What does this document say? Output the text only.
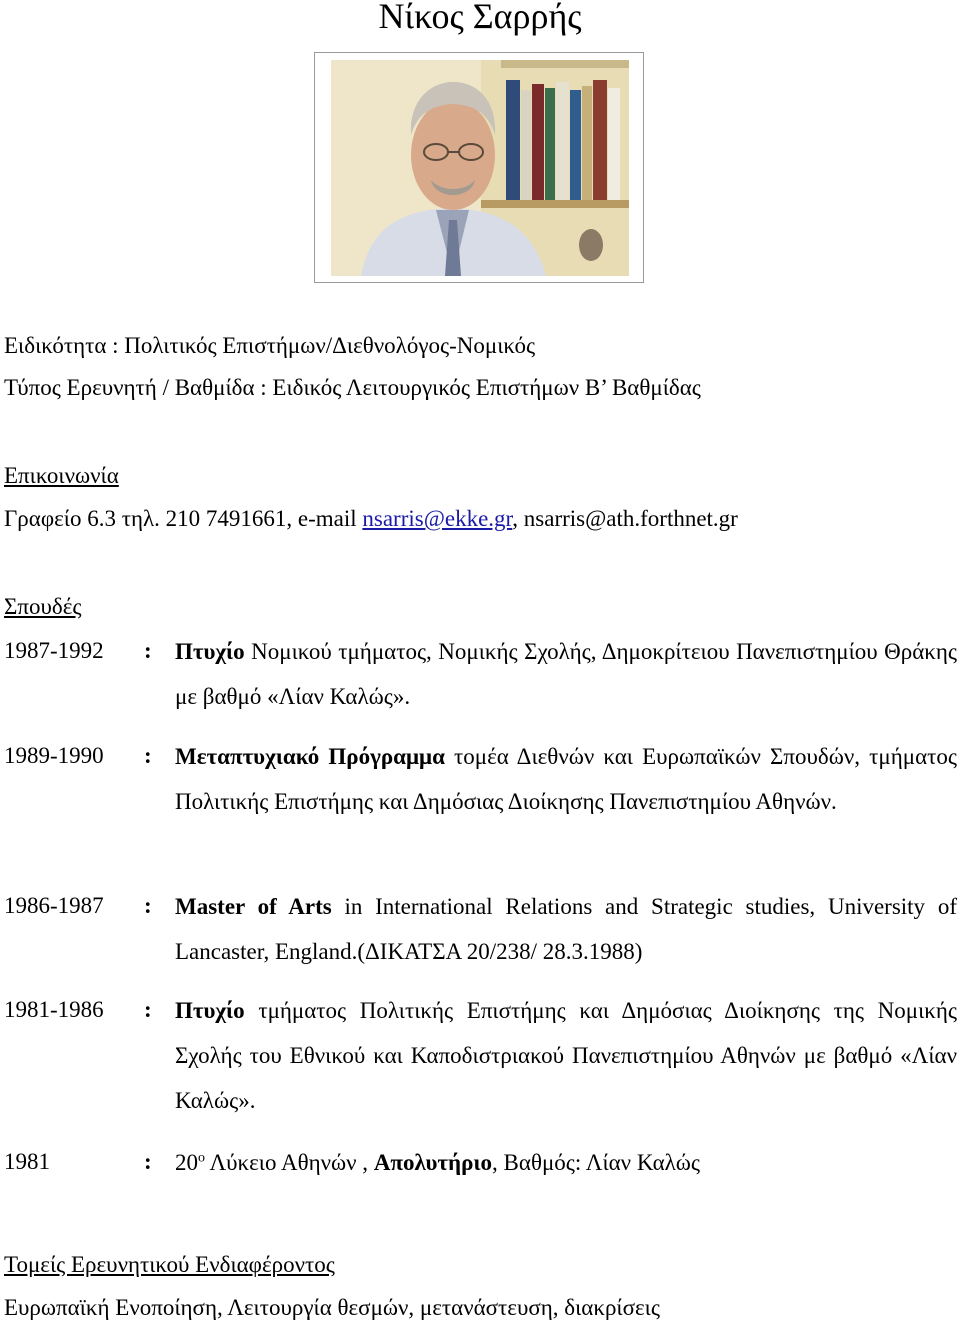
Νίκος Σαρρής
Ειδικότητα : Πολιτικός Επιστήμων/Διεθνολόγος-Νομικός
Τύπος Ερευνητή / Βαθμίδα : Ειδικός Λειτουργικός Επιστήμων Β’ Βαθμίδας
Επικοινωνία
Γραφείο 6.3 τηλ. 210 7491661, e-mail nsarris@ekke.gr, nsarris@ath.forthnet.gr
Σπουδές
1987-1992 : Πτυχίο Νομικού τμήματος, Νομικής Σχολής, Δημοκρίτειου Πανεπιστημίου Θράκης με βαθμό «Λίαν Καλώς».
1989-1990 : Μεταπτυχιακό Πρόγραμμα τομέα Διεθνών και Ευρωπαϊκών Σπουδών, τμήματος Πολιτικής Επιστήμης και Δημόσιας Διοίκησης Πανεπιστημίου Αθηνών.
1986-1987 : Master of Arts in International Relations and Strategic studies, University of Lancaster, England.(ΔΙΚΑΤΣΑ 20/238/ 28.3.1988)
1981-1986 : Πτυχίο τμήματος Πολιτικής Επιστήμης και Δημόσιας Διοίκησης της Νομικής Σχολής του Εθνικού και Καποδιστριακού Πανεπιστημίου Αθηνών με βαθμό «Λίαν Καλώς».
1981	: $20^o$ Λύκειο Αθηνών , Απολυτήριο, Βαθμός: Λίαν Καλώς
Τομείς Ερευνητικού Ενδιαφέροντος
Ευρωπαϊκή Ενοποίηση, Λειτουργία θεσμών, μετανάστευση, διακρίσεις
